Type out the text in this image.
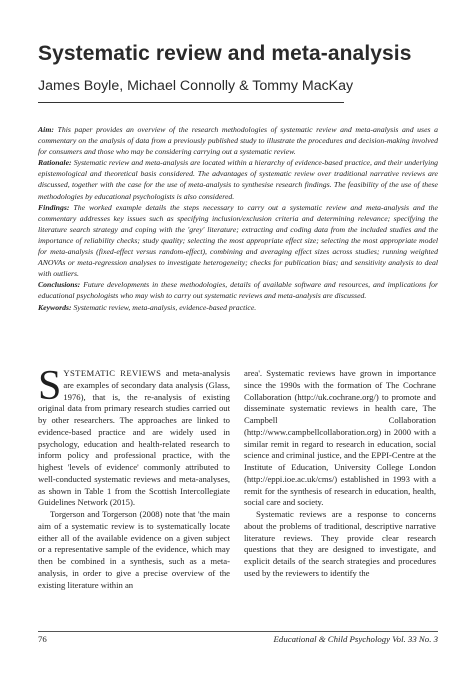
Systematic review and meta-analysis
James Boyle, Michael Connolly & Tommy MacKay

Aim: This paper provides an overview of the research methodologies of systematic review and meta-analysis and uses a commentary on the analysis of data from a previously published study to illustrate the procedures and decision-making involved for consumers and those who may be considering carrying out a systematic review.

Rationale: Systematic review and meta-analysis are located within a hierarchy of evidence-based practice, and their underlying epistemological and theoretical basis considered. The advantages of systematic review over traditional narrative reviews are discussed, together with the case for the use of meta-analysis to synthesise research findings. The feasibility of the use of these methodologies by educational psychologists is also considered.

Findings: The worked example details the steps necessary to carry out a systematic review and meta-analysis and the commentary addresses key issues such as specifying inclusion/exclusion criteria and determining relevance; specifying the literature search strategy and coping with the 'grey' literature; extracting and coding data from the included studies and the importance of reliability checks; study quality; selecting the most appropriate effect size; selecting the most appropriate model for meta-analysis (fixed-effect versus random-effect), combining and averaging effect sizes across studies; running weighted ANOVAs or meta-regression analyses to investigate heterogeneity; checks for publication bias; and sensitivity analysis to deal with outliers.

Conclusions: Future developments in these methodologies, details of available software and resources, and implications for educational psychologists who may wish to carry out systematic reviews and meta-analysis are discussed.

Keywords: Systematic review, meta-analysis, evidence-based practice.

SYSTEMATIC REVIEWS and meta-analysis are examples of secondary data analysis (Glass, 1976), that is, the re-analysis of existing original data from primary research studies carried out by other researchers. The approaches are linked to evidence-based practice and are widely used in psychology, education and health-related research to inform policy and professional practice, with the highest 'levels of evidence' commonly attributed to well-conducted systematic reviews and meta-analyses, as shown in Table 1 from the Scottish Intercollegiate Guidelines Network (2015).

Torgerson and Torgerson (2008) note that 'the main aim of a systematic review is to systematically locate either all of the available evidence on a given subject or a representative sample of the evidence, which may then be combined in a synthesis, such as a meta-analysis, in order to give a precise overview of the existing literature within an

area'. Systematic reviews have grown in importance since the 1990s with the formation of The Cochrane Collaboration (http://uk.cochrane.org/) to promote and disseminate systematic reviews in health care, The Campbell Collaboration (http://www.campbellcollaboration.org) in 2000 with a similar remit in regard to research in education, social science and criminal justice, and the EPPI-Centre at the Institute of Education, University College London (http://eppi.ioe.ac.uk/cms/) established in 1993 with a remit for the synthesis of research in education, health, social care and society.

Systematic reviews are a response to concerns about the problems of traditional, descriptive narrative literature reviews. They provide clear research questions that they are designed to investigate, and explicit details of the search strategies and procedures used by the reviewers to identify the

76	Educational & Child Psychology Vol. 33 No. 3
